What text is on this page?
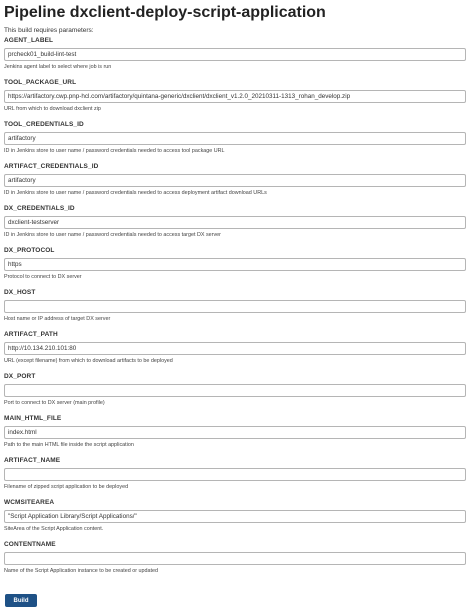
Pipeline dxclient-deploy-script-application
This build requires parameters:
AGENT_LABEL
prcheck01_build-lint-test
Jenkins agent label to select where job is run
TOOL_PACKAGE_URL
https://artifactory.cwp.pnp-hcl.com/artifactory/quintana-generic/dxclient/dxclient_v1.2.0_20210311-1313_rohan_develop.zip
URL from which to download dxclient zip
TOOL_CREDENTIALS_ID
artifactory
ID in Jenkins store to user name / password credentials needed to access tool package URL
ARTIFACT_CREDENTIALS_ID
artifactory
ID in Jenkins store to user name / password credentials needed to access deployment artifact download URLs
DX_CREDENTIALS_ID
dxclient-testserver
ID in Jenkins store to user name / password credentials needed to access target DX server
DX_PROTOCOL
https
Protocol to connect to DX server
DX_HOST
Host name or IP address of target DX server
ARTIFACT_PATH
http://10.134.210.101:80
URL (except filename) from which to download artifacts to be deployed
DX_PORT
Port to connect to DX server (main profile)
MAIN_HTML_FILE
index.html
Path to the main HTML file inside the script application
ARTIFACT_NAME
Filename of zipped script application to be deployed
WCMSITEAREA
"Script Application Library/Script Applications/"
SiteArea of the Script Application content.
CONTENTNAME
Name of the Script Application instance to be created or updated
Build
